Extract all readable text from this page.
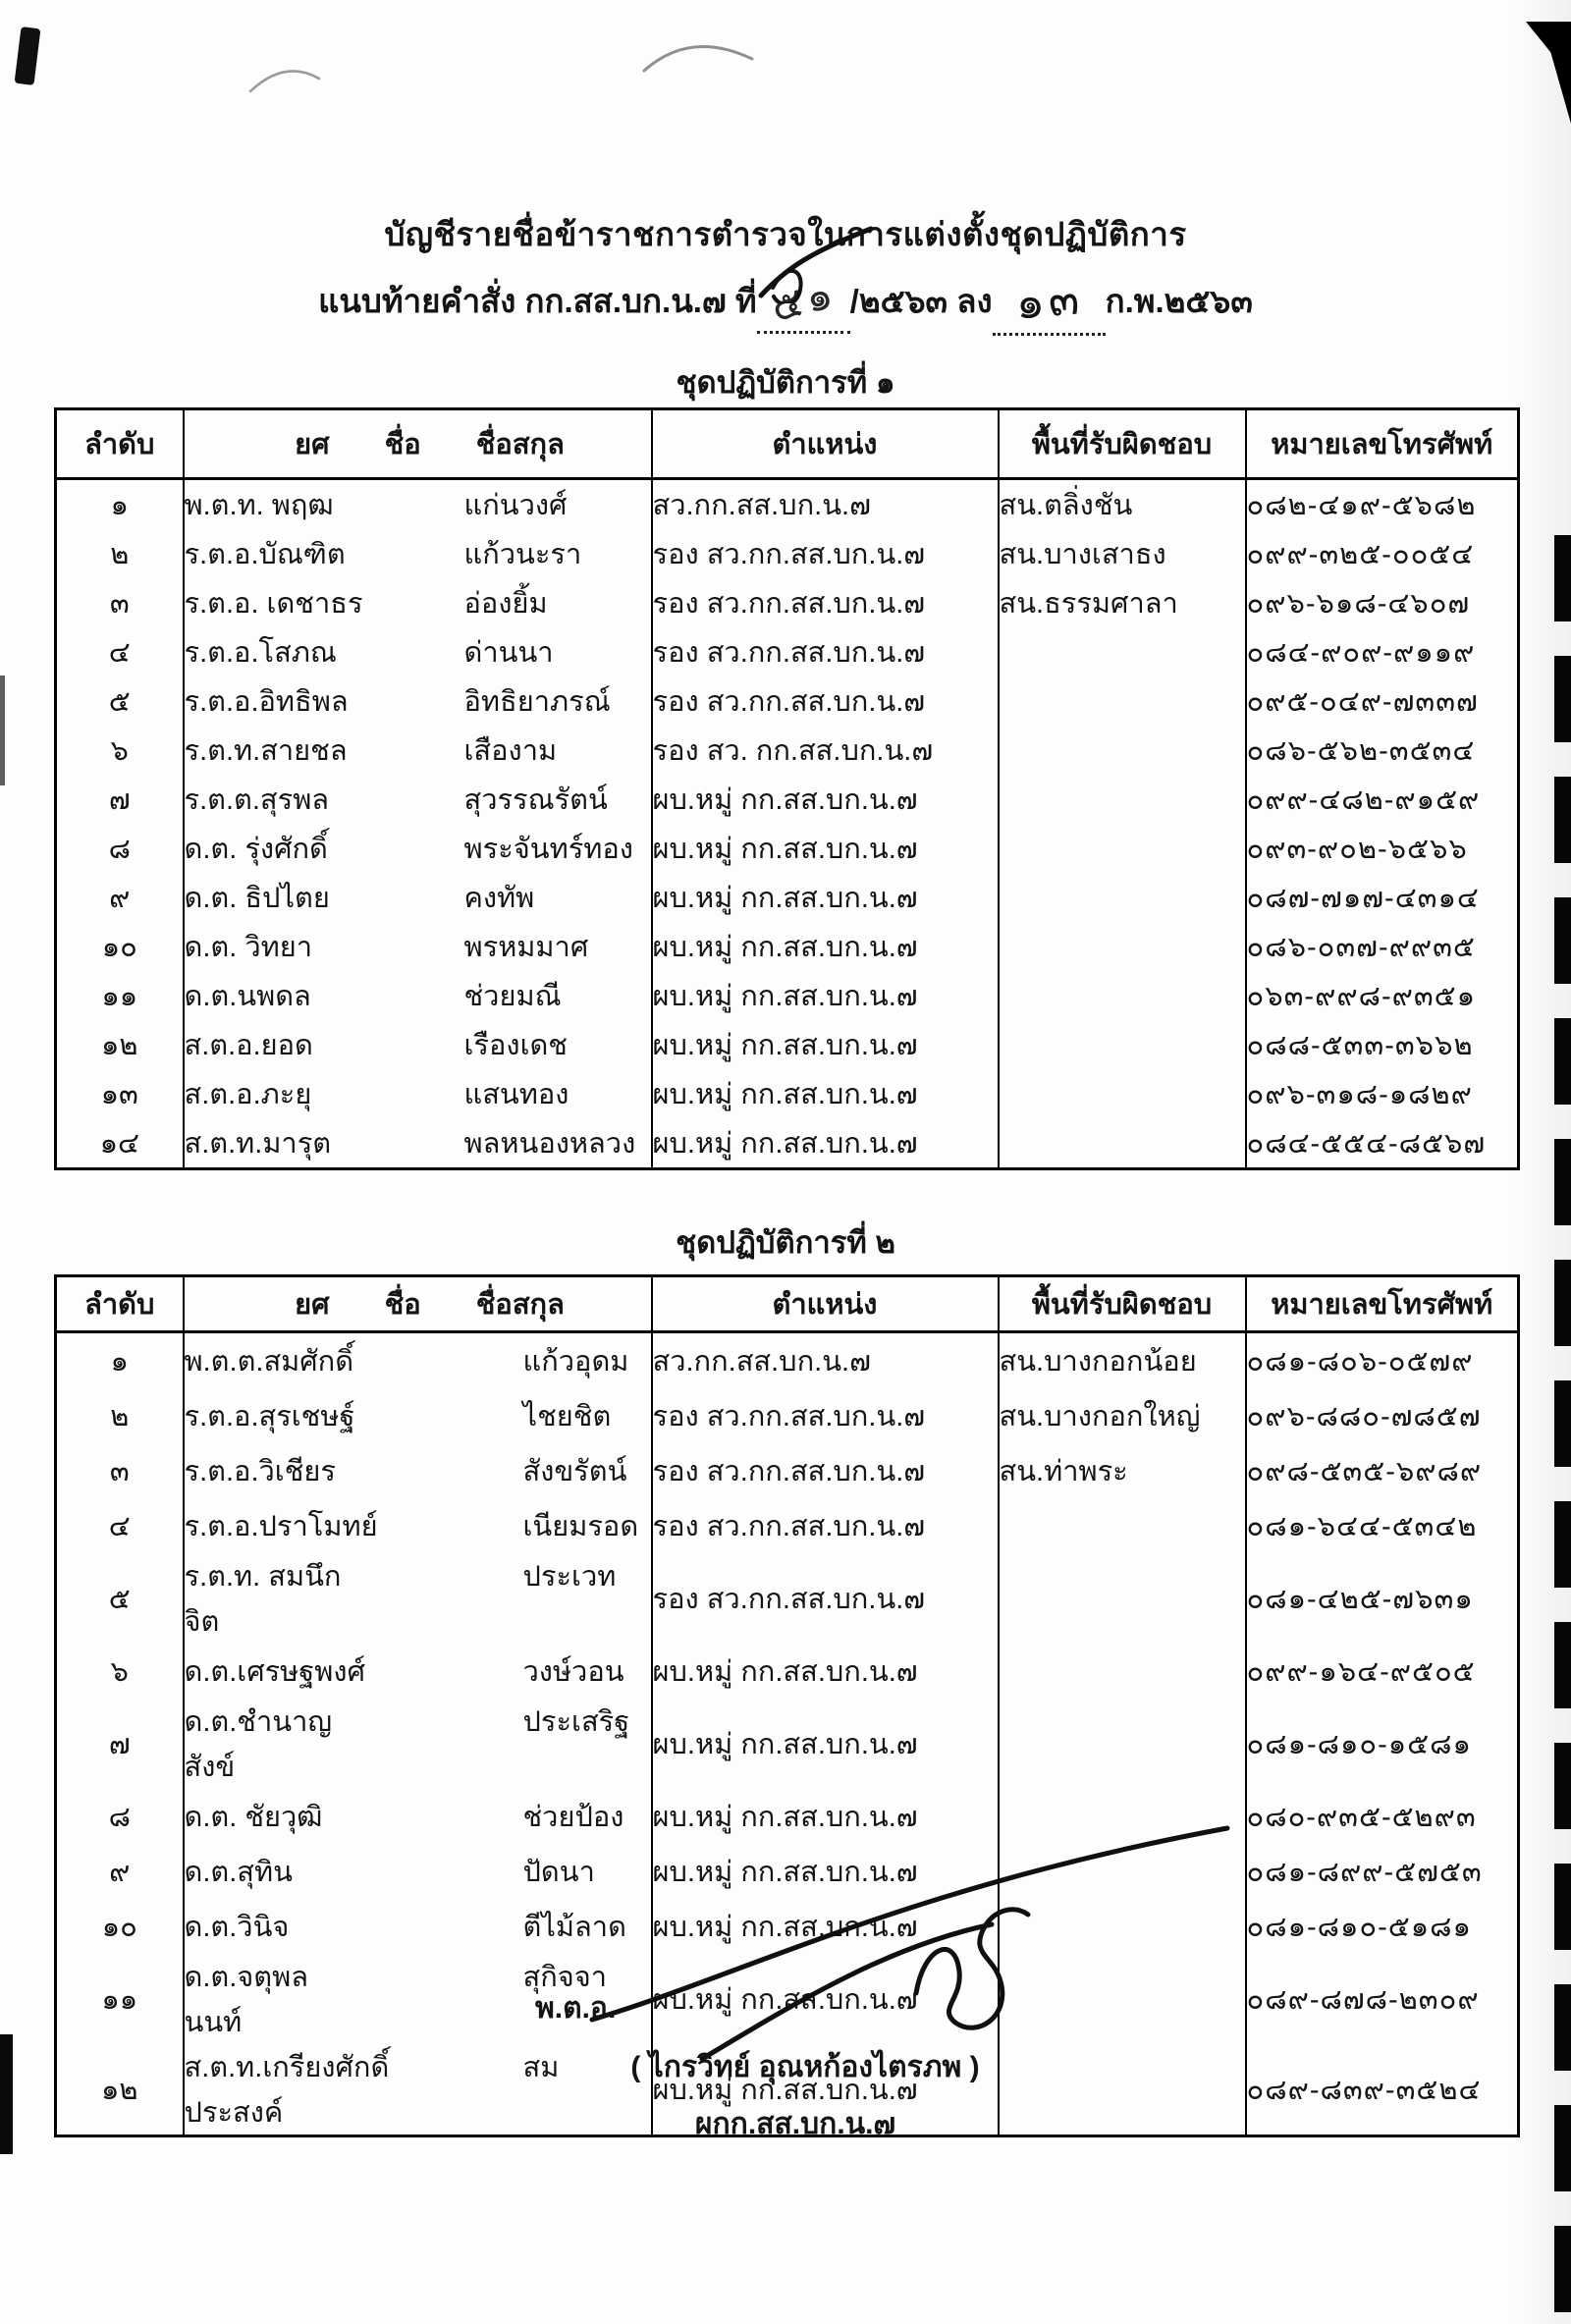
บัญชีรายชื่อข้าราชการตำรวจในการแต่งตั้งชุดปฏิบัติการ
แนบท้ายคำสั่ง กก.สส.บก.น.๗ ที่ ๕๑ /๒๕๖๓ ลง ๑๓ ก.พ.๒๕๖๓
ชุดปฏิบัติการที่ ๑
ลำดับ	ยศ ชื่อ ชื่อสกุล	ตำแหน่ง	พื้นที่รับผิดชอบ	หมายเลขโทรศัพท์
๑	พ.ต.ท. พฤฒ แก่นวงศ์	สว.กก.สส.บก.น.๗	สน.ตลิ่งชัน	๐๘๒-๔๑๙-๕๖๘๒
๒	ร.ต.อ.บัณฑิต แก้วนะรา	รอง สว.กก.สส.บก.น.๗	สน.บางเสาธง	๐๙๙-๓๒๕-๐๐๕๔
๓	ร.ต.อ. เดชาธร อ่องยิ้ม	รอง สว.กก.สส.บก.น.๗	สน.ธรรมศาลา	๐๙๖-๖๑๘-๔๖๐๗
๔	ร.ต.อ.โสภณ ด่านนา	รอง สว.กก.สส.บก.น.๗		๐๘๔-๙๐๙-๙๑๑๙
๕	ร.ต.อ.อิทธิพล อิทธิยาภรณ์	รอง สว.กก.สส.บก.น.๗		๐๙๕-๐๔๙-๗๓๓๗
๖	ร.ต.ท.สายชล เสืองาม	รอง สว. กก.สส.บก.น.๗		๐๘๖-๕๖๒-๓๕๓๔
๗	ร.ต.ต.สุรพล สุวรรณรัตน์	ผบ.หมู่ กก.สส.บก.น.๗		๐๙๙-๔๘๒-๙๑๕๙
๘	ด.ต. รุ่งศักดิ์ พระจันทร์ทอง	ผบ.หมู่ กก.สส.บก.น.๗		๐๙๓-๙๐๒-๖๕๖๖
๙	ด.ต. ธิปไตย คงทัพ	ผบ.หมู่ กก.สส.บก.น.๗		๐๘๗-๗๑๗-๔๓๑๔
๑๐	ด.ต. วิทยา พรหมมาศ	ผบ.หมู่ กก.สส.บก.น.๗		๐๘๖-๐๓๗-๙๙๓๕
๑๑	ด.ต.นพดล ช่วยมณี	ผบ.หมู่ กก.สส.บก.น.๗		๐๖๓-๙๙๘-๙๓๕๑
๑๒	ส.ต.อ.ยอด เรืองเดช	ผบ.หมู่ กก.สส.บก.น.๗		๐๘๘-๕๓๓-๓๖๖๒
๑๓	ส.ต.อ.ภะยุ แสนทอง	ผบ.หมู่ กก.สส.บก.น.๗		๐๙๖-๓๑๘-๑๘๒๙
๑๔	ส.ต.ท.มารุต พลหนองหลวง	ผบ.หมู่ กก.สส.บก.น.๗		๐๘๔-๕๕๔-๘๕๖๗
ชุดปฏิบัติการที่ ๒
ลำดับ	ยศ ชื่อ ชื่อสกุล	ตำแหน่ง	พื้นที่รับผิดชอบ	หมายเลขโทรศัพท์
๑	พ.ต.ต.สมศักดิ์ แก้วอุดม	สว.กก.สส.บก.น.๗	สน.บางกอกน้อย	๐๘๑-๘๐๖-๐๕๗๙
๒	ร.ต.อ.สุรเชษฐ์ ไชยชิต	รอง สว.กก.สส.บก.น.๗	สน.บางกอกใหญ่	๐๙๖-๘๘๐-๗๘๕๗
๓	ร.ต.อ.วิเชียร สังขรัตน์	รอง สว.กก.สส.บก.น.๗	สน.ท่าพระ	๐๙๘-๕๓๕-๖๙๘๙
๔	ร.ต.อ.ปราโมทย์ เนียมรอด	รอง สว.กก.สส.บก.น.๗		๐๘๑-๖๔๔-๕๓๔๒
๕	ร.ต.ท. สมนึก ประเวทจิต	รอง สว.กก.สส.บก.น.๗		๐๘๑-๔๒๕-๗๖๓๑
๖	ด.ต.เศรษฐพงศ์ วงษ์วอน	ผบ.หมู่ กก.สส.บก.น.๗		๐๙๙-๑๖๔-๙๕๐๕
๗	ด.ต.ชำนาญ ประเสริฐสังข์	ผบ.หมู่ กก.สส.บก.น.๗		๐๘๑-๘๑๐-๑๕๘๑
๘	ด.ต. ชัยวุฒิ ช่วยป้อง	ผบ.หมู่ กก.สส.บก.น.๗		๐๘๐-๙๓๕-๕๒๙๓
๙	ด.ต.สุทิน ปัดนา	ผบ.หมู่ กก.สส.บก.น.๗		๐๘๑-๘๙๙-๕๗๕๓
๑๐	ด.ต.วินิจ ตีไม้ลาด	ผบ.หมู่ กก.สส.บก.น.๗		๐๘๑-๘๑๐-๕๑๘๑
๑๑	ด.ต.จตุพล สุกิจจานนท์	ผบ.หมู่ กก.สส.บก.น.๗		๐๘๙-๘๗๘-๒๓๐๙
๑๒	ส.ต.ท.เกรียงศักดิ์ สมประสงค์	ผบ.หมู่ กก.สส.บก.น.๗		๐๘๙-๘๓๙-๓๕๒๔
พ.ต.อ.
( ไกรวิทย์ อุณหก้องไตรภพ )
ผกก.สส.บก.น.๗
